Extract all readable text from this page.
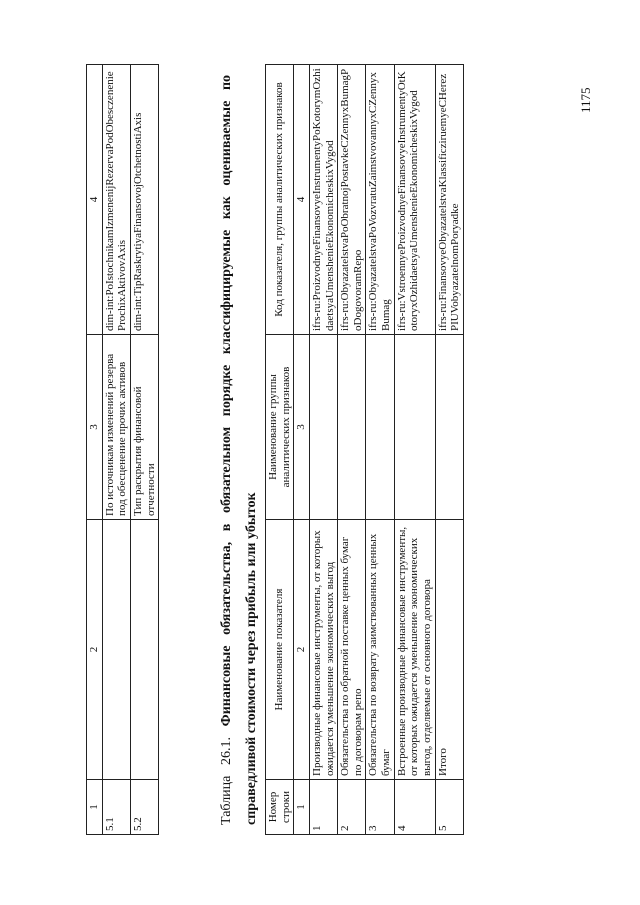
1175
1	2	3	4
5.1		По источникам изменений резерва под обесценение прочих активов	dim-int:PoIstochnikamIzmenenijRezervaPodObesczenenieProchixAktivovAxis
5.2		Тип раскрытия финансовой отчетности	dim-int:TipRaskrytiyaFinansovojOtchetnostiAxis
Таблица 26.1. Финансовые обязательства, в обязательном порядке классифицируемые как оцениваемые по справедливой стоимости через прибыль или убыток Номер строки	Наименование показателя	Наименование группы аналитических признаков	Код показателя, группы аналитических признаков
1	2	3	4
1	Производные финансовые инструменты, от которых ожидается уменьшение экономических выгод		ifrs-ru:ProizvodnyeFinansovyeInstrumentyPoKotorymOzhidaetsyaUmenshenieEkonomicheskixVygod
2	Обязательства по обратной поставке ценных бумаг по договорам репо		ifrs-ru:ObyazatelstvaPoObratnojPostavkeCZennyxBumagPoDogovoramRepo
3	Обязательства по возврату заимствованных ценных бумаг		ifrs-ru:ObyazatelstvaPoVozvratuZaimstvovannyxCZennyxBumag
4	Встроенные производные финансовые инструменты, от которых ожидается уменьшение экономических выгод, отделяемые от основного договора		ifrs-ru:VstroennyeProizvodnyeFinansovyeInstrumentyOtKotoryxOzhidaetsyaUmenshenieEkonomicheskixVygod
5	Итого		ifrs-ru:FinansovyeObyazatelstvaKlassificziruemyeCHerezPIUVobyazatelnomPoryadke
